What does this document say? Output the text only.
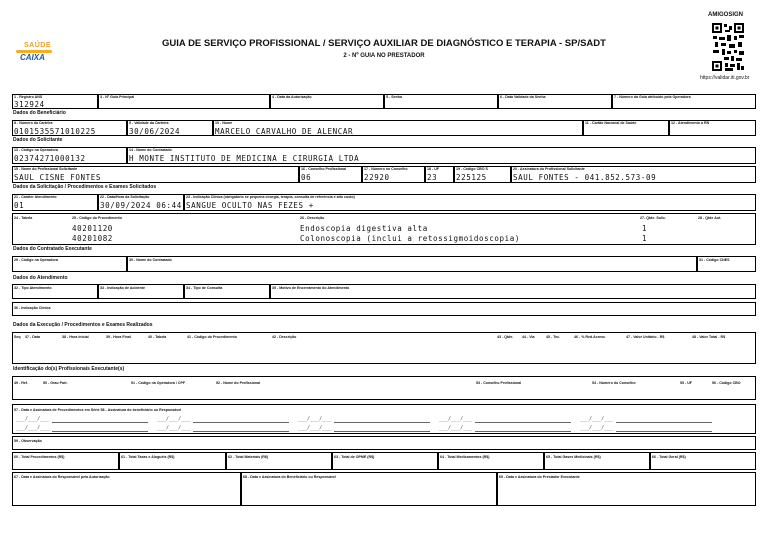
SAÚDE
CAIXA
GUIA DE SERVIÇO PROFISSIONAL / SERVIÇO AUXILIAR DE DIAGNÓSTICO E TERAPIA - SP/SADT
2 - Nº GUIA NO PRESTADOR
AMIGOSIGN
https://validar.iti.gov.br
1 - Registro ANS
312924
3 - Nº Guia Principal	4 - Data da Autorização	5 - Senha	6 - Data Validade da Senha	7 - Número da Guia atribuído pela Operadora
Dados do Beneficiário
8 - Número da Carteira
0101535571010225
9 - Validade da Carteira
30/06/2024
10 - Nome
MARCELO CARVALHO DE ALENCAR
11 - Cartão Nacional de Saúde	12 - Atendimento a RN
Dados do Solicitante
13 - Código na Operadora
02374271000132
14 - Nome do Contratado
H MONTE INSTITUTO DE MEDICINA E CIRURGIA LTDA
15 - Nome do Profissional Solicitante
SAUL CISNE FONTES
16 - Conselho Profissional
06
17 - Número no Conselho
22920
18 - UF
23
19 - Código CBO S
225125
20 - Assinatura do Profissional Solicitante
SAUL FONTES - 041.852.573-09
Dados da Solicitação / Procedimentos e Exames Solicitados
21 - Caráter Atendimento
01
22 - Data/Hora da Solicitação
30/09/2024 06:44
23 - Indicação Clínica (obrigatório se pequena cirurgia, terapia, consulta de referência e alto custo)
SANGUE OCULTO NAS FEZES +
24 - Tabela	25 - Código do Procedimento	26 - Descrição	27- Qtde. Solic.	28 - Qtde Aut.
40201120	Endoscopia digestiva alta	1
40201082	Colonoscopia (inclui a retossigmoidoscopia)	1
Dados do Contratado Executante
29 - Código na Operadora	30 - Nome do Contratado	31 - Código CNES
Dados do Atendimento
32 - Tipo Atendimento	33 - Indicação de Acidente	34 - Tipo de Consulta	35 - Motivo de Encerramento do Atendimento
36 - Indicação Clínica
Dados da Execução / Procedimentos e Exames Realizados
Seq 37 - Data	38 - Hora Inicial	39 - Hora Final	40 - Tabela	41 - Código do Procedimento	42 - Descrição	43 - Qtde. 44 - Via	45 - Tec.	46 - % Red.Acresc.	47 - Valor Unitário - R$	48 - Valor Total - R$
Identificação do(s) Profissionais Executante(s)
49 - Ref.	50 - Grau Part.	51 - Código na Operadora / CPF	52 - Nome do Profissional	53 - Conselho Profissional	54 - Número do Conselho	55 - UF	56 - Código CBO
57 - Data e Assinatura de Procedimentos em Série 58 - Assinatura do beneficiário ou Responsável
___/___/___	___/___/___	___/___/___	___/___/___	___/___/___
___/___/___	___/___/___	___/___/___	___/___/___	___/___/___
59 - Observação
60 - Total Procedimentos (R$)	61 - Total Taxas e Aluguéis (R$)	62 - Total Materiais (R$)	63 - Total de OPME (R$)	64 - Total Medicamentos (R$)	65 - Total Gases Medicinais (R$)	66 - Total Geral (R$)
67 - Data e Assinatura do Responsável pela Autorização	68 - Data e Assinatura do Beneficiário ou Responsável	69 - Data e Assinatura do Prestador Executante
